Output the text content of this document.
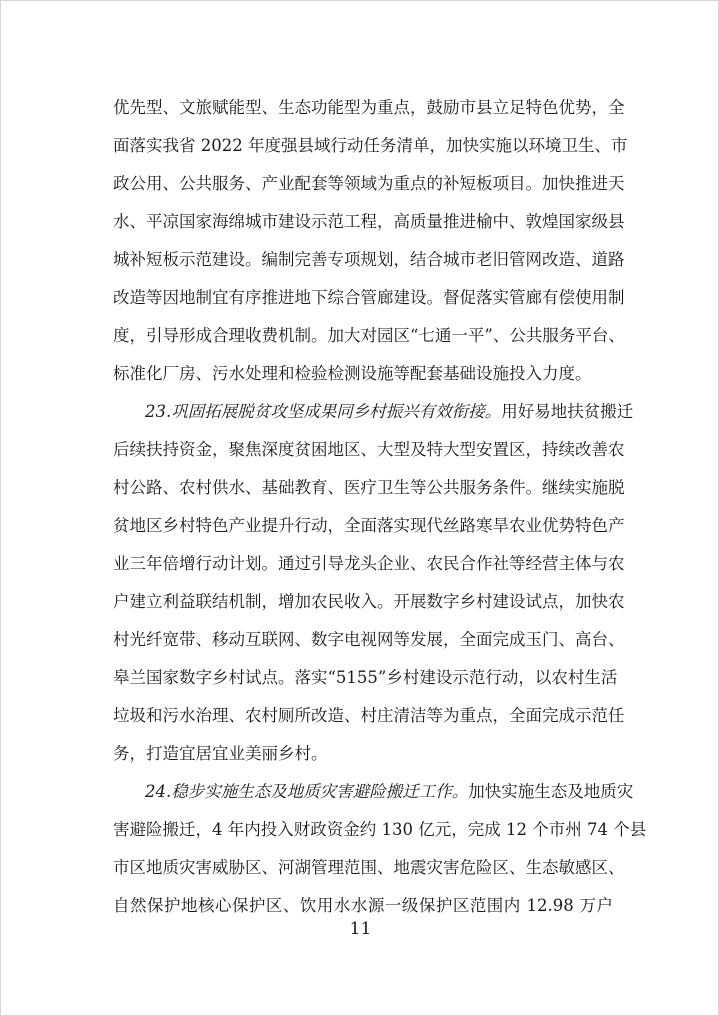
优先型、文旅赋能型、生态功能型为重点，鼓励市县立足特色优势，全
面落实我省 2022 年度强县域行动任务清单，加快实施以环境卫生、市
政公用、公共服务、产业配套等领域为重点的补短板项目。加快推进天
水、平凉国家海绵城市建设示范工程，高质量推进榆中、敦煌国家级县
城补短板示范建设。编制完善专项规划，结合城市老旧管网改造、道路
改造等因地制宜有序推进地下综合管廊建设。督促落实管廊有偿使用制
度，引导形成合理收费机制。加大对园区“七通一平”、公共服务平台、
标准化厂房、污水处理和检验检测设施等配套基础设施投入力度。
23.巩固拓展脱贫攻坚成果同乡村振兴有效衔接。用好易地扶贫搬迁
后续扶持资金，聚焦深度贫困地区、大型及特大型安置区，持续改善农
村公路、农村供水、基础教育、医疗卫生等公共服务条件。继续实施脱
贫地区乡村特色产业提升行动，全面落实现代丝路寒旱农业优势特色产
业三年倍增行动计划。通过引导龙头企业、农民合作社等经营主体与农
户建立利益联结机制，增加农民收入。开展数字乡村建设试点，加快农
村光纤宽带、移动互联网、数字电视网等发展，全面完成玉门、高台、
皋兰国家数字乡村试点。落实“5155”乡村建设示范行动，以农村生活
垃圾和污水治理、农村厕所改造、村庄清洁等为重点，全面完成示范任
务，打造宜居宜业美丽乡村。
24.稳步实施生态及地质灾害避险搬迁工作。加快实施生态及地质灾
害避险搬迁，4 年内投入财政资金约 130 亿元，完成 12 个市州 74 个县
市区地质灾害威胁区、河湖管理范围、地震灾害危险区、生态敏感区、
自然保护地核心保护区、饮用水水源一级保护区范围内 12.98 万户
11
